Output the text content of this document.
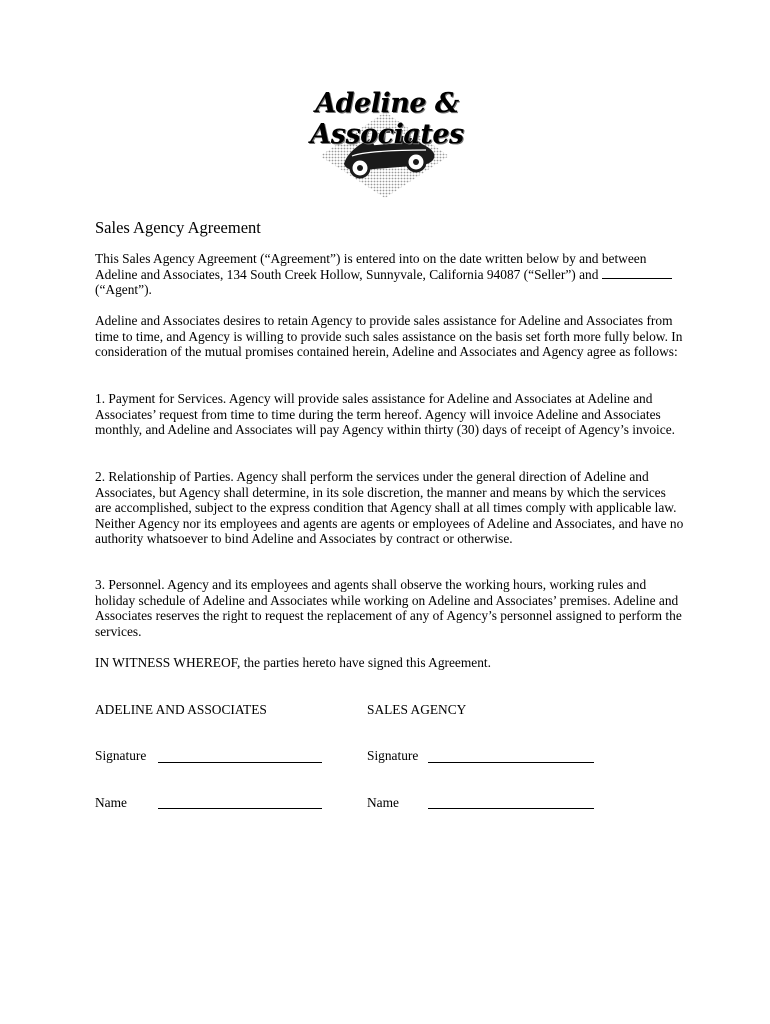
Adeline & Associates
Sales Agency Agreement

This Sales Agency Agreement (“Agreement”) is entered into on the date written below by and between Adeline and Associates, 134 South Creek Hollow, Sunnyvale, California 94087 (“Seller”) and  (“Agent”).

Adeline and Associates desires to retain Agency to provide sales assistance for Adeline and Associates from time to time, and Agency is willing to provide such sales assistance on the basis set forth more fully below. In consideration of the mutual promises contained herein, Adeline and Associates and Agency agree as follows:

1. Payment for Services. Agency will provide sales assistance for Adeline and Associates at Adeline and Associates’ request from time to time during the term hereof. Agency will invoice Adeline and Associates monthly, and Adeline and Associates will pay Agency within thirty (30) days of receipt of Agency’s invoice.

2. Relationship of Parties. Agency shall perform the services under the general direction of Adeline and Associates, but Agency shall determine, in its sole discretion, the manner and means by which the services are accomplished, subject to the express condition that Agency shall at all times comply with applicable law. Neither Agency nor its employees and agents are agents or employees of Adeline and Associates, and have no authority whatsoever to bind Adeline and Associates by contract or otherwise.

3. Personnel. Agency and its employees and agents shall observe the working hours, working rules and holiday schedule of Adeline and Associates while working on Adeline and Associates’ premises. Adeline and Associates reserves the right to request the replacement of any of Agency’s personnel assigned to perform the services.

IN WITNESS WHEREOF, the parties hereto have signed this Agreement.

ADELINE AND ASSOCIATES	SALES AGENCY
Signature	Signature
Name	Name
